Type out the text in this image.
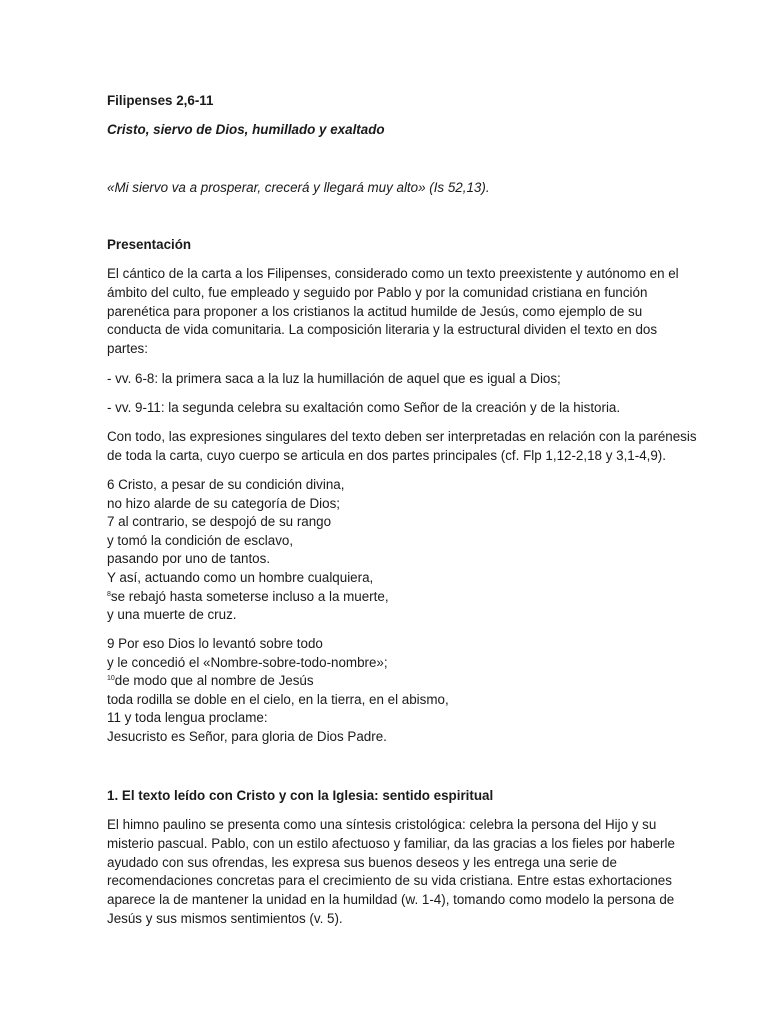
Filipenses 2,6-11
Cristo, siervo de Dios, humillado y exaltado
«Mi siervo va a prosperar, crecerá y llegará muy alto» (Is 52,13).
Presentación
El cántico de la carta a los Filipenses, considerado como un texto preexistente y autónomo en el
ámbito del culto, fue empleado y seguido por Pablo y por la comunidad cristiana en función
parenética para proponer a los cristianos la actitud humilde de Jesús, como ejemplo de su
conducta de vida comunitaria. La composición literaria y la estructural dividen el texto en dos
partes:
- vv. 6-8: la primera saca a la luz la humillación de aquel que es igual a Dios;
- vv. 9-11: la segunda celebra su exaltación como Señor de la creación y de la historia.
Con todo, las expresiones singulares del texto deben ser interpretadas en relación con la parénesis
de toda la carta, cuyo cuerpo se articula en dos partes principales (cf. Flp 1,12-2,18 y 3,1-4,9).
6 Cristo, a pesar de su condición divina,
no hizo alarde de su categoría de Dios;
7 al contrario, se despojó de su rango
y tomó la condición de esclavo,
pasando por uno de tantos.
Y así, actuando como un hombre cualquiera,
$^8$se rebajó hasta someterse incluso a la muerte,
y una muerte de cruz.
9 Por eso Dios lo levantó sobre todo
y le concedió el «Nombre-sobre-todo-nombre»;
$^{10}$de modo que al nombre de Jesús
toda rodilla se doble en el cielo, en la tierra, en el abismo,
11 y toda lengua proclame:
Jesucristo es Señor, para gloria de Dios Padre.
1. El texto leído con Cristo y con la Iglesia: sentido espiritual
El himno paulino se presenta como una síntesis cristológica: celebra la persona del Hijo y su
misterio pascual. Pablo, con un estilo afectuoso y familiar, da las gracias a los fieles por haberle
ayudado con sus ofrendas, les expresa sus buenos deseos y les entrega una serie de
recomendaciones concretas para el crecimiento de su vida cristiana. Entre estas exhortaciones
aparece la de mantener la unidad en la humildad (w. 1-4), tomando como modelo la persona de
Jesús y sus mismos sentimientos (v. 5).
